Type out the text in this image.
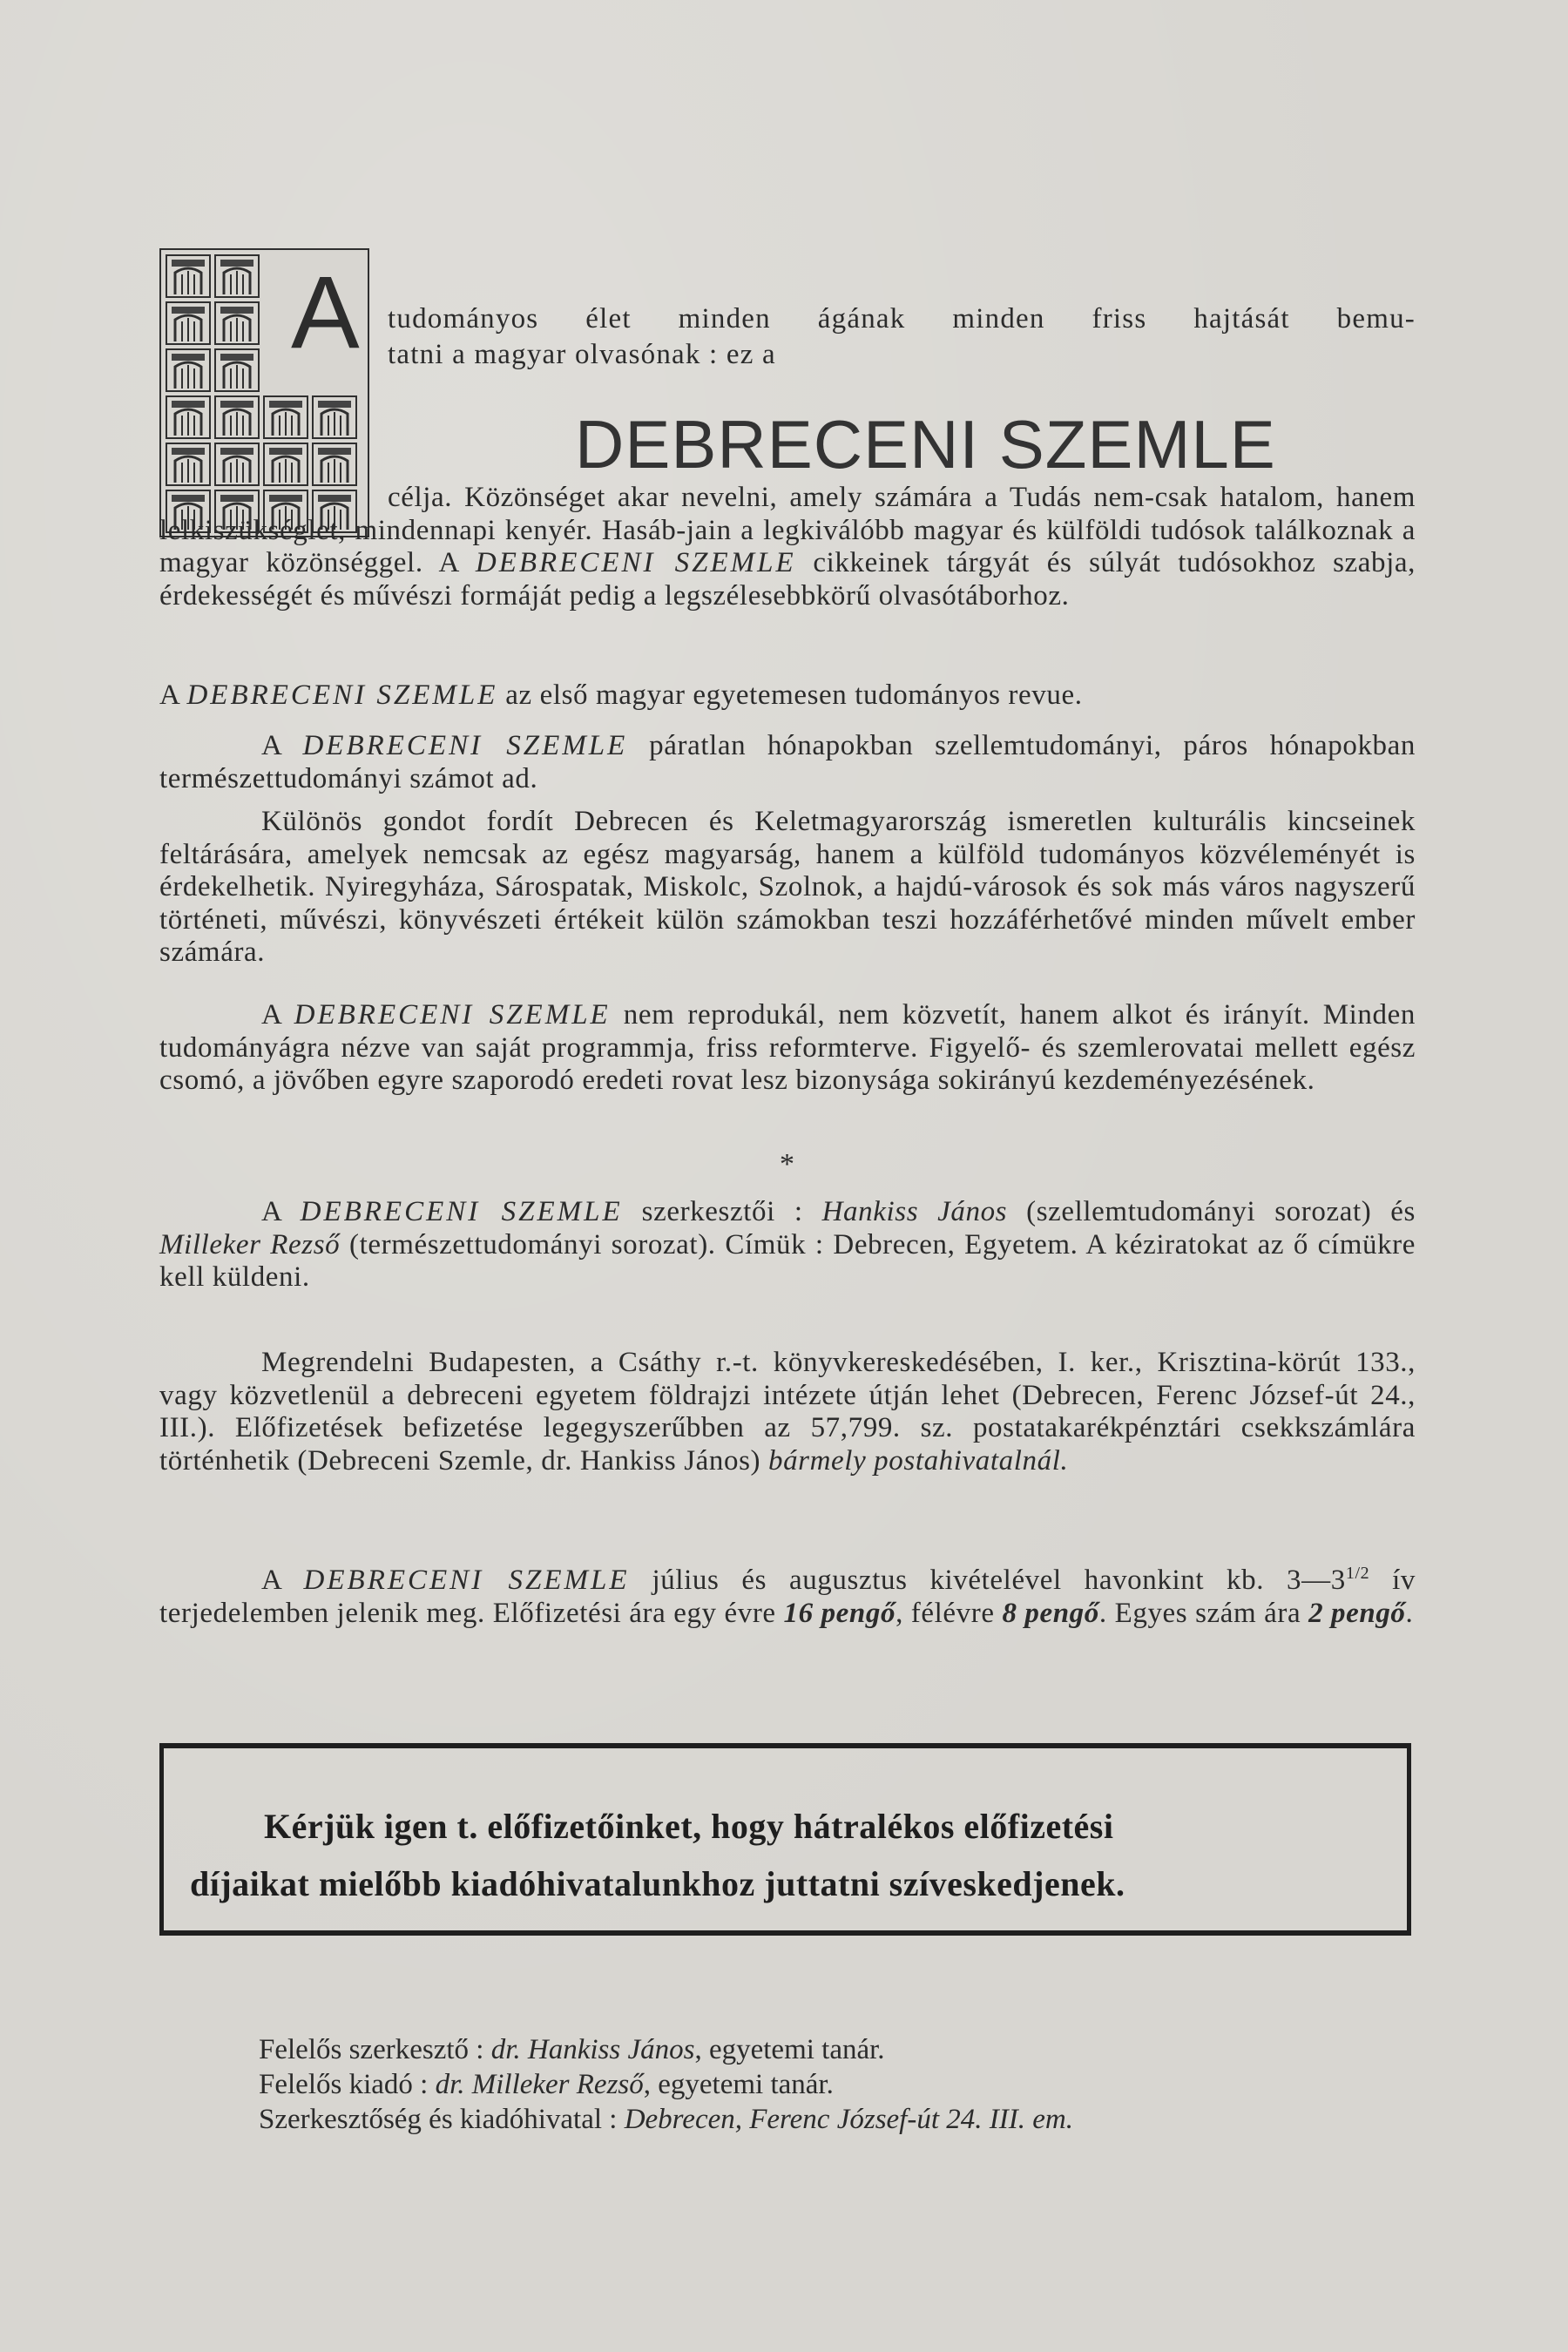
A tudományos élet minden ágának minden friss hajtását bemu-
tatni a magyar olvasónak : ez a
DEBRECENI SZEMLE
célja. Közönséget akar nevelni, amely számára a Tudás nem-csak hatalom, hanem lelkiszükséglet, mindennapi kenyér. Hasáb-jain a legkiválóbb magyar és külföldi tudósok találkoznak a magyar közönséggel. A DEBRECENI SZEMLE cikkeinek tárgyát és súlyát tudósokhoz szabja, érdekességét és művészi formáját pedig a legszélesebbkörű olvasótáborhoz.
A DEBRECENI SZEMLE az első magyar egyetemesen tudományos revue.
A DEBRECENI SZEMLE páratlan hónapokban szellemtudományi, páros hónapokban természettudományi számot ad.
Különös gondot fordít Debrecen és Keletmagyarország ismeretlen kulturális kincseinek feltárására, amelyek nemcsak az egész magyarság, hanem a külföld tudományos közvéleményét is érdekelhetik. Nyiregyháza, Sárospatak, Miskolc, Szolnok, a hajdú-városok és sok más város nagyszerű történeti, művészi, könyvészeti értékeit külön számokban teszi hozzáférhetővé minden művelt ember számára.
A DEBRECENI SZEMLE nem reprodukál, nem közvetít, hanem alkot és irányít. Minden tudományágra nézve van saját programmja, friss reformterve. Figyelő- és szemlerovatai mellett egész csomó, a jövőben egyre szaporodó eredeti rovat lesz bizonysága sokirányú kezdeményezésének.
*
A DEBRECENI SZEMLE szerkesztői : Hankiss János (szellemtudományi sorozat) és Milleker Rezső (természettudományi sorozat). Címük : Debrecen, Egyetem. A kéziratokat az ő címükre kell küldeni.
Megrendelni Budapesten, a Csáthy r.-t. könyvkereskedésében, I. ker., Krisztina-körút 133., vagy közvetlenül a debreceni egyetem földrajzi intézete útján lehet (Debrecen, Ferenc József-út 24., III.). Előfizetések befizetése legegyszerűbben az 57,799. sz. postatakarékpénztári csekkszámlára történhetik (Debreceni Szemle, dr. Hankiss János) bármely postahivatalnál.
A DEBRECENI SZEMLE július és augusztus kivételével havonkint kb. $3—3^{1/2}$ ív terjedelemben jelenik meg. Előfizetési ára egy évre 16 pengő, félévre 8 pengő. Egyes szám ára 2 pengő.
Kérjük igen t. előfizetőinket, hogy hátralékos előfizetési
díjaikat mielőbb kiadóhivatalunkhoz juttatni szíveskedjenek.
Felelős szerkesztő : dr. Hankiss János, egyetemi tanár.
Felelős kiadó : dr. Milleker Rezső, egyetemi tanár.
Szerkesztőség és kiadóhivatal : Debrecen, Ferenc József-út 24. III. em.
